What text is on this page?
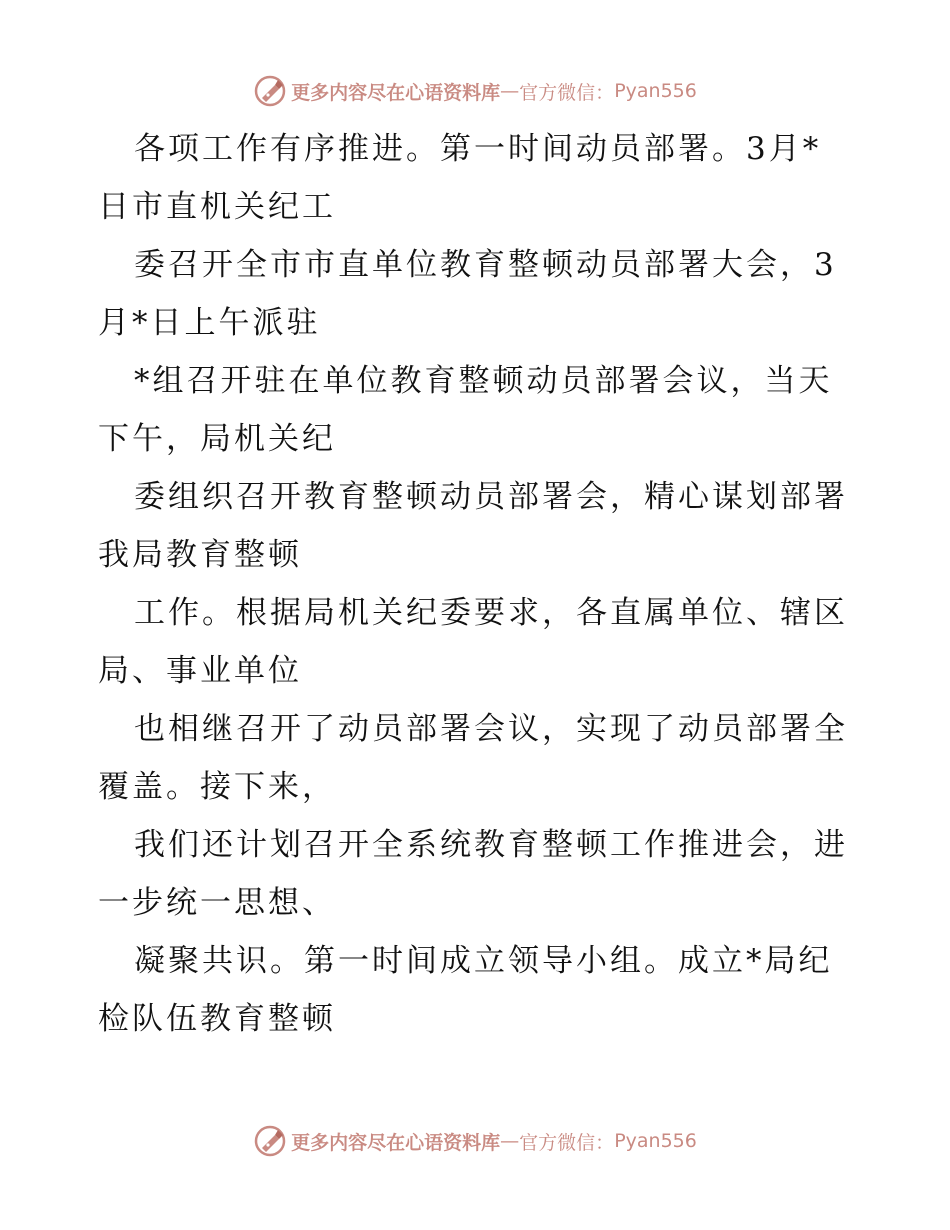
更多内容尽在心语资料库 — 官方微信： Pyan556
各项工作有序推进。第一时间动员部署。3月*
日市直机关纪工
委召开全市市直单位教育整顿动员部署大会，3
月*日上午派驻
*组召开驻在单位教育整顿动员部署会议，当天
下午，局机关纪
委组织召开教育整顿动员部署会，精心谋划部署
我局教育整顿
工作。根据局机关纪委要求，各直属单位、辖区
局、事业单位
也相继召开了动员部署会议，实现了动员部署全
覆盖。接下来，
我们还计划召开全系统教育整顿工作推进会，进
一步统一思想、
凝聚共识。第一时间成立领导小组。成立*局纪
检队伍教育整顿
更多内容尽在心语资料库 — 官方微信： Pyan556
